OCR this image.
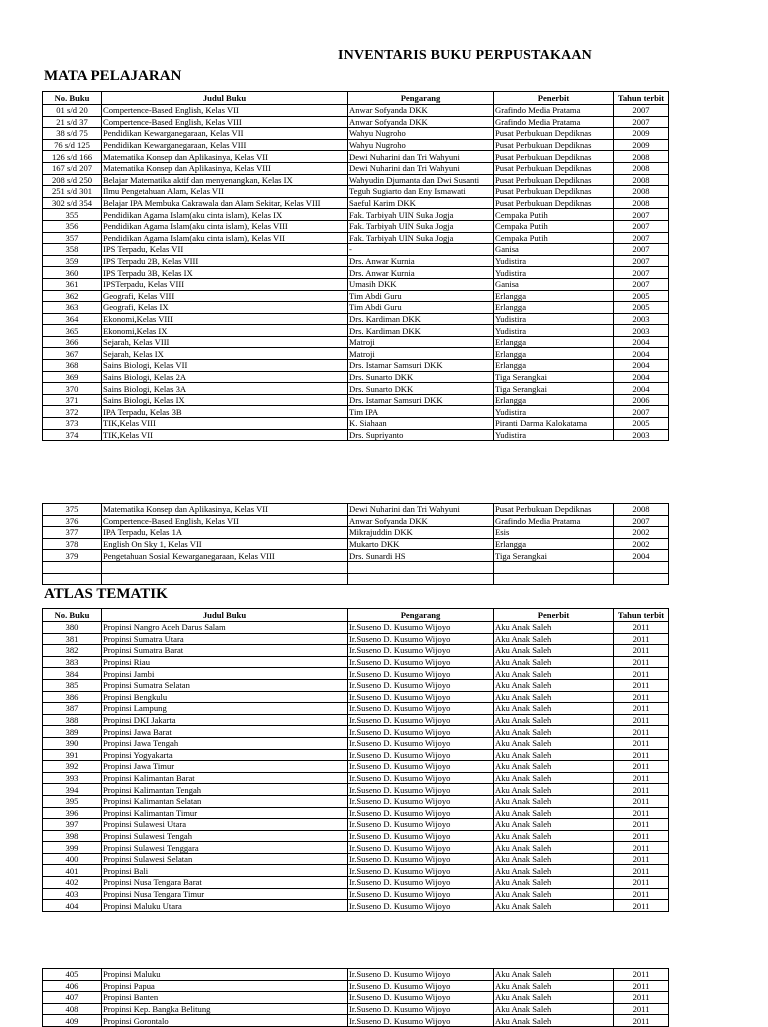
INVENTARIS BUKU PERPUSTAKAAN
MATA PELAJARAN
No. Buku	Judul Buku	Pengarang	Penerbit	Tahun terbit
01 s/d 20	Compertence-Based English, Kelas VII	Anwar Sofyanda DKK	Grafindo Media Pratama	2007
21 s/d 37	Compertence-Based English, Kelas VIII	Anwar Sofyanda DKK	Grafindo Media Pratama	2007
38 s/d 75	Pendidikan Kewarganegaraan, Kelas VII	Wahyu Nugroho	Pusat Perbukuan Depdiknas	2009
76 s/d 125	Pendidikan Kewarganegaraan, Kelas VIII	Wahyu Nugroho	Pusat Perbukuan Depdiknas	2009
126 s/d 166	Matematika Konsep dan Aplikasinya, Kelas VII	Dewi Nuharini dan Tri Wahyuni	Pusat Perbukuan Depdiknas	2008
167 s/d 207	Matematika Konsep dan Aplikasinya, Kelas VIII	Dewi Nuharini dan Tri Wahyuni	Pusat Perbukuan Depdiknas	2008
208 s/d 250	Belajar Matematika aktif dan menyenangkan, Kelas IX	Wahyudin Djumanta dan Dwi Susanti	Pusat Perbukuan Depdiknas	2008
251 s/d 301	Ilmu Pengetahuan Alam, Kelas VII	Teguh Sugiarto dan Eny Ismawati	Pusat Perbukuan Depdiknas	2008
302 s/d 354	Belajar IPA Membuka Cakrawala dan Alam Sekitar, Kelas VIII	Saeful Karim DKK	Pusat Perbukuan Depdiknas	2008
355	Pendidikan Agama Islam(aku cinta islam), Kelas IX	Fak. Tarbiyah UIN Suka Jogja	Cempaka Putih	2007
356	Pendidikan Agama Islam(aku cinta islam), Kelas VIII	Fak. Tarbiyah UIN Suka Jogja	Cempaka Putih	2007
357	Pendidikan Agama Islam(aku cinta islam), Kelas VII	Fak. Tarbiyah UIN Suka Jogja	Cempaka Putih	2007
358	IPS Terpadu, Kelas VII	-	Ganisa	2007
359	IPS Terpadu 2B, Kelas VIII	Drs. Anwar Kurnia	Yudistira	2007
360	IPS Terpadu 3B, Kelas IX	Drs. Anwar Kurnia	Yudistira	2007
361	IPSTerpadu, Kelas VIII	Umasih DKK	Ganisa	2007
362	Geografi, Kelas VIII	Tim Abdi Guru	Erlangga	2005
363	Geografi, Kelas IX	Tim Abdi Guru	Erlangga	2005
364	Ekonomi,Kelas VIII	Drs. Kardiman DKK	Yudistira	2003
365	Ekonomi,Kelas IX	Drs. Kardiman DKK	Yudistira	2003
366	Sejarah, Kelas VIII	Matroji	Erlangga	2004
367	Sejarah, Kelas IX	Matroji	Erlangga	2004
368	Sains Biologi, Kelas VII	Drs. Istamar Samsuri DKK	Erlangga	2004
369	Sains Biologi, Kelas 2A	Drs. Sunarto DKK	Tiga Serangkai	2004
370	Sains Biologi, Kelas 3A	Drs. Sunarto DKK	Tiga Serangkai	2004
371	Sains Biologi, Kelas IX	Drs. Istamar Samsuri DKK	Erlangga	2006
372	IPA Terpadu, Kelas 3B	Tim IPA	Yudistira	2007
373	TIK,Kelas VIII	K. Siahaan	Piranti Darma Kalokatama	2005
374	TIK,Kelas VII	Drs. Supriyanto	Yudistira	2003
375	Matematika Konsep dan Aplikasinya, Kelas VII	Dewi Nuharini dan Tri Wahyuni	Pusat Perbukuan Depdiknas	2008
376	Compertence-Based English, Kelas VII	Anwar Sofyanda DKK	Grafindo Media Pratama	2007
377	IPA Terpadu, Kelas 1A	Mikrajuddin DKK	Esis	2002
378	English On Sky 1, Kelas VII	Mukarto DKK	Erlangga	2002
379	Pengetahuan Sosial Kewarganegaraan, Kelas VIII	Drs. Sunardi HS	Tiga Serangkai	2004

ATLAS TEMATIK
No. Buku	Judul Buku	Pengarang	Penerbit	Tahun terbit
380	Propinsi Nangro Aceh Darus Salam	Ir.Suseno D. Kusumo Wijoyo	Aku Anak Saleh	2011
381	Propinsi Sumatra Utara	Ir.Suseno D. Kusumo Wijoyo	Aku Anak Saleh	2011
382	Propinsi Sumatra Barat	Ir.Suseno D. Kusumo Wijoyo	Aku Anak Saleh	2011
383	Propinsi Riau	Ir.Suseno D. Kusumo Wijoyo	Aku Anak Saleh	2011
384	Propinsi Jambi	Ir.Suseno D. Kusumo Wijoyo	Aku Anak Saleh	2011
385	Propinsi Sumatra Selatan	Ir.Suseno D. Kusumo Wijoyo	Aku Anak Saleh	2011
386	Propinsi Bengkulu	Ir.Suseno D. Kusumo Wijoyo	Aku Anak Saleh	2011
387	Propinsi Lampung	Ir.Suseno D. Kusumo Wijoyo	Aku Anak Saleh	2011
388	Propinsi DKI Jakarta	Ir.Suseno D. Kusumo Wijoyo	Aku Anak Saleh	2011
389	Propinsi Jawa Barat	Ir.Suseno D. Kusumo Wijoyo	Aku Anak Saleh	2011
390	Propinsi Jawa Tengah	Ir.Suseno D. Kusumo Wijoyo	Aku Anak Saleh	2011
391	Propinsi Yogyakarta	Ir.Suseno D. Kusumo Wijoyo	Aku Anak Saleh	2011
392	Propinsi Jawa Timur	Ir.Suseno D. Kusumo Wijoyo	Aku Anak Saleh	2011
393	Propinsi Kalimantan Barat	Ir.Suseno D. Kusumo Wijoyo	Aku Anak Saleh	2011
394	Propinsi Kalimantan Tengah	Ir.Suseno D. Kusumo Wijoyo	Aku Anak Saleh	2011
395	Propinsi Kalimantan Selatan	Ir.Suseno D. Kusumo Wijoyo	Aku Anak Saleh	2011
396	Propinsi Kalimantan Timur	Ir.Suseno D. Kusumo Wijoyo	Aku Anak Saleh	2011
397	Propinsi Sulawesi Utara	Ir.Suseno D. Kusumo Wijoyo	Aku Anak Saleh	2011
398	Propinsi Sulawesi Tengah	Ir.Suseno D. Kusumo Wijoyo	Aku Anak Saleh	2011
399	Propinsi Sulawesi Tenggara	Ir.Suseno D. Kusumo Wijoyo	Aku Anak Saleh	2011
400	Propinsi Sulawesi Selatan	Ir.Suseno D. Kusumo Wijoyo	Aku Anak Saleh	2011
401	Propinsi Bali	Ir.Suseno D. Kusumo Wijoyo	Aku Anak Saleh	2011
402	Propinsi Nusa Tengara Barat	Ir.Suseno D. Kusumo Wijoyo	Aku Anak Saleh	2011
403	Propinsi Nusa Tengara Timur	Ir.Suseno D. Kusumo Wijoyo	Aku Anak Saleh	2011
404	Propinsi Maluku Utara	Ir.Suseno D. Kusumo Wijoyo	Aku Anak Saleh	2011
405	Propinsi Maluku	Ir.Suseno D. Kusumo Wijoyo	Aku Anak Saleh	2011
406	Propinsi Papua	Ir.Suseno D. Kusumo Wijoyo	Aku Anak Saleh	2011
407	Propinsi Banten	Ir.Suseno D. Kusumo Wijoyo	Aku Anak Saleh	2011
408	Propinsi Kep. Bangka Belitung	Ir.Suseno D. Kusumo Wijoyo	Aku Anak Saleh	2011
409	Propinsi Gorontalo	Ir.Suseno D. Kusumo Wijoyo	Aku Anak Saleh	2011
